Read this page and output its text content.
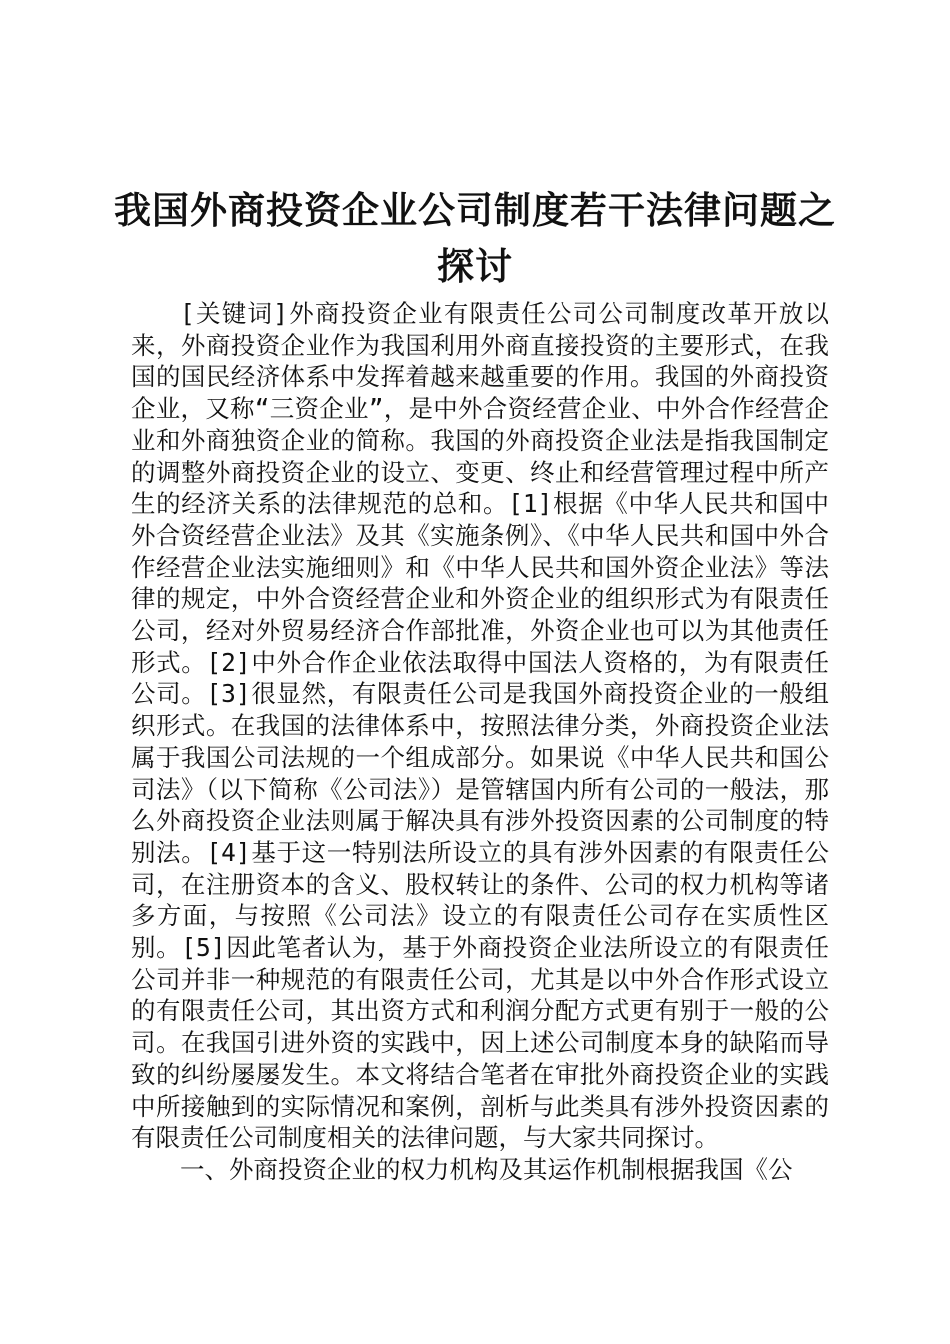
我国外商投资企业公司制度若干法律问题之探讨

[关键词]外商投资企业有限责任公司公司制度改革开放以来，外商投资企业作为我国利用外商直接投资的主要形式，在我国的国民经济体系中发挥着越来越重要的作用。我国的外商投资企业，又称“三资企业”，是中外合资经营企业、中外合作经营企业和外商独资企业的简称。我国的外商投资企业法是指我国制定的调整外商投资企业的设立、变更、终止和经营管理过程中所产生的经济关系的法律规范的总和。[1]根据《中华人民共和国中外合资经营企业法》及其《实施条例》、《中华人民共和国中外合作经营企业法实施细则》和《中华人民共和国外资企业法》等法律的规定，中外合资经营企业和外资企业的组织形式为有限责任公司，经对外贸易经济合作部批准，外资企业也可以为其他责任形式。[2]中外合作企业依法取得中国法人资格的，为有限责任公司。[3]很显然，有限责任公司是我国外商投资企业的一般组织形式。在我国的法律体系中，按照法律分类，外商投资企业法属于我国公司法规的一个组成部分。如果说《中华人民共和国公司法》（以下简称《公司法》）是管辖国内所有公司的一般法，那么外商投资企业法则属于解决具有涉外投资因素的公司制度的特别法。[4]基于这一特别法所设立的具有涉外因素的有限责任公司，在注册资本的含义、股权转让的条件、公司的权力机构等诸多方面，与按照《公司法》设立的有限责任公司存在实质性区别。[5]因此笔者认为，基于外商投资企业法所设立的有限责任公司并非一种规范的有限责任公司，尤其是以中外合作形式设立的有限责任公司，其出资方式和利润分配方式更有别于一般的公司。在我国引进外资的实践中，因上述公司制度本身的缺陷而导致的纠纷屡屡发生。本文将结合笔者在审批外商投资企业的实践中所接触到的实际情况和案例，剖析与此类具有涉外投资因素的有限责任公司制度相关的法律问题，与大家共同探讨。

一、外商投资企业的权力机构及其运作机制根据我国《公
